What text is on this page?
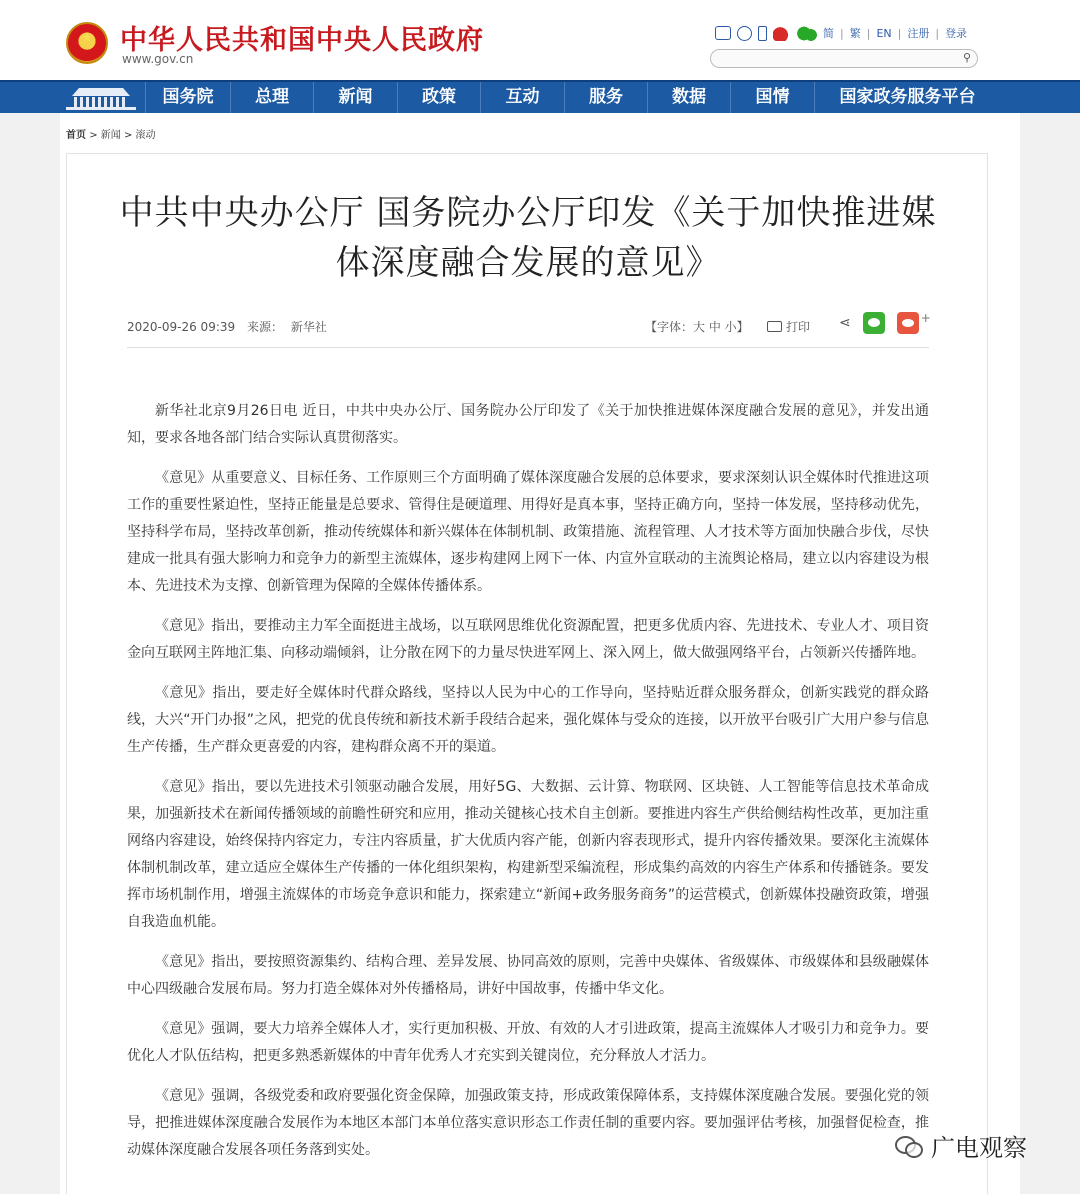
★ 中华人民共和国中央人民政府
www.gov.cn
简 | 繁 | EN | 注册 | 登录
⚲
国务院	总理	新闻	政策	互动	服务	数据	国情	国家政务服务平台
首页 > 新闻 > 滚动
中共中央办公厅 国务院办公厅印发《关于加快推进媒
体深度融合发展的意见》
2020-09-26 09:39 来源： 新华社	【字体：大 中 小】	打印 ⋖	+

新华社北京9月26日电 近日，中共中央办公厅、国务院办公厅印发了《关于加快推进媒体深度融合发展的意见》，并发出通知，要求各地各部门结合实际认真贯彻落实。

《意见》从重要意义、目标任务、工作原则三个方面明确了媒体深度融合发展的总体要求，要求深刻认识全媒体时代推进这项工作的重要性紧迫性，坚持正能量是总要求、管得住是硬道理、用得好是真本事，坚持正确方向，坚持一体发展，坚持移动优先，坚持科学布局，坚持改革创新，推动传统媒体和新兴媒体在体制机制、政策措施、流程管理、人才技术等方面加快融合步伐，尽快建成一批具有强大影响力和竞争力的新型主流媒体，逐步构建网上网下一体、内宣外宣联动的主流舆论格局，建立以内容建设为根本、先进技术为支撑、创新管理为保障的全媒体传播体系。

《意见》指出，要推动主力军全面挺进主战场，以互联网思维优化资源配置，把更多优质内容、先进技术、专业人才、项目资金向互联网主阵地汇集、向移动端倾斜，让分散在网下的力量尽快进军网上、深入网上，做大做强网络平台，占领新兴传播阵地。

《意见》指出，要走好全媒体时代群众路线，坚持以人民为中心的工作导向，坚持贴近群众服务群众，创新实践党的群众路线，大兴“开门办报”之风，把党的优良传统和新技术新手段结合起来，强化媒体与受众的连接，以开放平台吸引广大用户参与信息生产传播，生产群众更喜爱的内容，建构群众离不开的渠道。

《意见》指出，要以先进技术引领驱动融合发展，用好5G、大数据、云计算、物联网、区块链、人工智能等信息技术革命成果，加强新技术在新闻传播领域的前瞻性研究和应用，推动关键核心技术自主创新。要推进内容生产供给侧结构性改革，更加注重网络内容建设，始终保持内容定力，专注内容质量，扩大优质内容产能，创新内容表现形式，提升内容传播效果。要深化主流媒体体制机制改革，建立适应全媒体生产传播的一体化组织架构，构建新型采编流程，形成集约高效的内容生产体系和传播链条。要发挥市场机制作用，增强主流媒体的市场竞争意识和能力，探索建立“新闻+政务服务商务”的运营模式，创新媒体投融资政策，增强自我造血机能。

《意见》指出，要按照资源集约、结构合理、差异发展、协同高效的原则，完善中央媒体、省级媒体、市级媒体和县级融媒体中心四级融合发展布局。努力打造全媒体对外传播格局，讲好中国故事，传播中华文化。

《意见》强调，要大力培养全媒体人才，实行更加积极、开放、有效的人才引进政策，提高主流媒体人才吸引力和竞争力。要优化人才队伍结构，把更多熟悉新媒体的中青年优秀人才充实到关键岗位，充分释放人才活力。

《意见》强调，各级党委和政府要强化资金保障，加强政策支持，形成政策保障体系，支持媒体深度融合发展。要强化党的领导，把推进媒体深度融合发展作为本地区本部门本单位落实意识形态工作责任制的重要内容。要加强评估考核，加强督促检查，推动媒体深度融合发展各项任务落到实处。	广电观察
